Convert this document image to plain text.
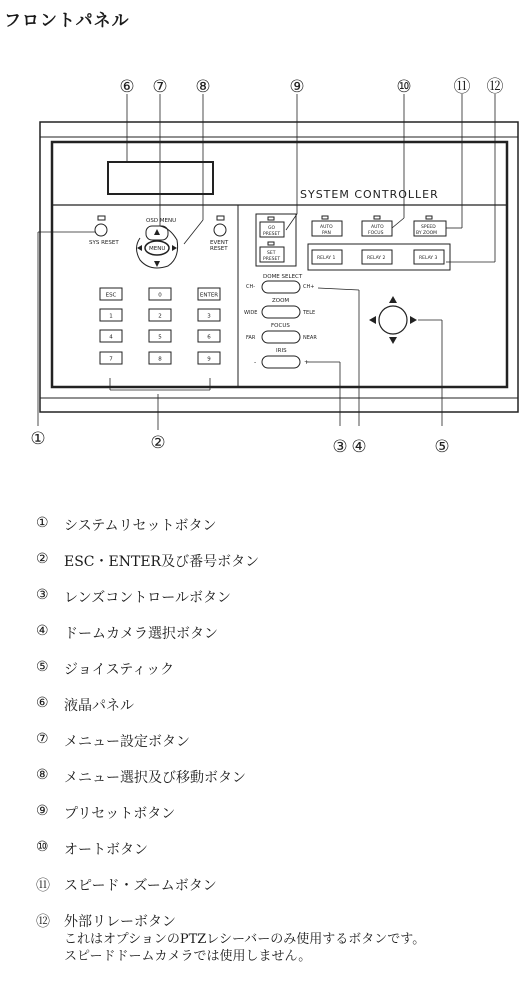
フロントパネル
SYSTEM CONTROLLER
SYS RESET
OSD MENU
MENU
EVENT
RESET
ESC	0	ENTER
1	2	3
4	5	6
7	8	9
GO
PRESET
SET
PRESET
AUTO
PAN
AUTO
FOCUS
SPEED
BY ZOOM
RELAY 1	RELAY 2	RELAY 3
DOME SELECT
CH-	CH+
ZOOM
WIDE	TELE
FOCUS
FAR	NEAR
IRIS
-	+
⑥ ⑦ ⑧	⑨	⑩ ⑪ ⑫
①	②	③ ④	⑤
①	システムリセットボタン
②	ESC・ENTER及び番号ボタン
③	レンズコントロールボタン
④	ドームカメラ選択ボタン
⑤	ジョイスティック
⑥	液晶パネル
⑦	メニュー設定ボタン
⑧	メニュー選択及び移動ボタン
⑨	プリセットボタン
⑩	オートボタン
⑪	スピード・ズームボタン
⑫	外部リレーボタン
これはオプションのPTZレシーバーのみ使用するボタンです。
スピードドームカメラでは使用しません。
